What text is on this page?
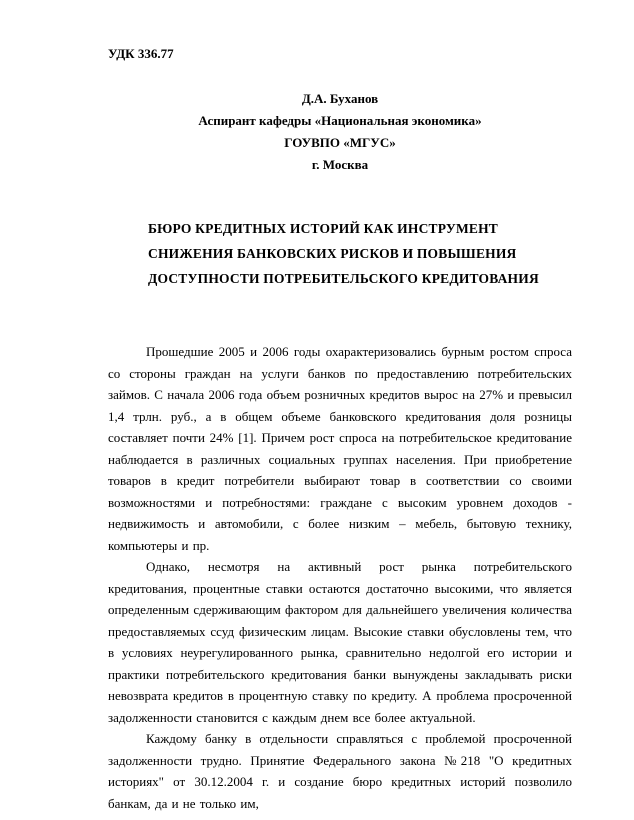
УДК 336.77
Д.А. Буханов
Аспирант кафедры «Национальная экономика»
ГОУВПО «МГУС»
г. Москва
БЮРО КРЕДИТНЫХ ИСТОРИЙ КАК ИНСТРУМЕНТ СНИЖЕНИЯ БАНКОВСКИХ РИСКОВ И ПОВЫШЕНИЯ ДОСТУПНОСТИ ПОТРЕБИТЕЛЬСКОГО КРЕДИТОВАНИЯ

Прошедшие 2005 и 2006 годы охарактеризовались бурным ростом спроса со стороны граждан на услуги банков по предоставлению потребительских займов. С начала 2006 года объем розничных кредитов вырос на 27% и превысил 1,4 трлн. руб., а в общем объеме банковского кредитования доля розницы составляет почти 24% [1]. Причем рост спроса на потребительское кредитование наблюдается в различных социальных группах населения. При приобретение товаров в кредит потребители выбирают товар в соответствии со своими возможностями и потребностями: граждане с высоким уровнем доходов - недвижимость и автомобили, с более низким – мебель, бытовую технику, компьютеры и пр.

Однако, несмотря на активный рост рынка потребительского кредитования, процентные ставки остаются достаточно высокими, что является определенным сдерживающим фактором для дальнейшего увеличения количества предоставляемых ссуд физическим лицам. Высокие ставки обусловлены тем, что в условиях неурегулированного рынка, сравнительно недолгой его истории и практики потребительского кредитования банки вынуждены закладывать риски невозврата кредитов в процентную ставку по кредиту. А проблема просроченной задолженности становится с каждым днем все более актуальной.

Каждому банку в отдельности справляться с проблемой просроченной задолженности трудно. Принятие Федерального закона №218 "О кредитных историях" от 30.12.2004 г. и создание бюро кредитных историй позволило банкам, да и не только им,
